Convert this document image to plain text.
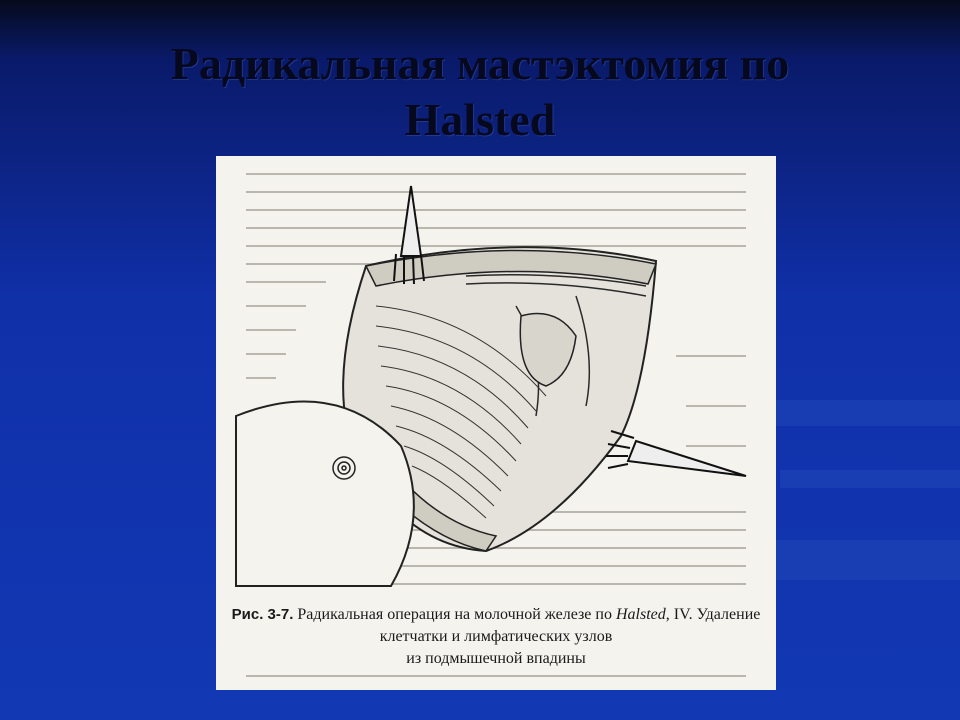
Радикальная мастэктомия по
Halsted
Рис. 3-7. Радикальная операция на молочной железе по Halsted, IV. Удаление клетчатки и лимфатических узлов
из подмышечной впадины
